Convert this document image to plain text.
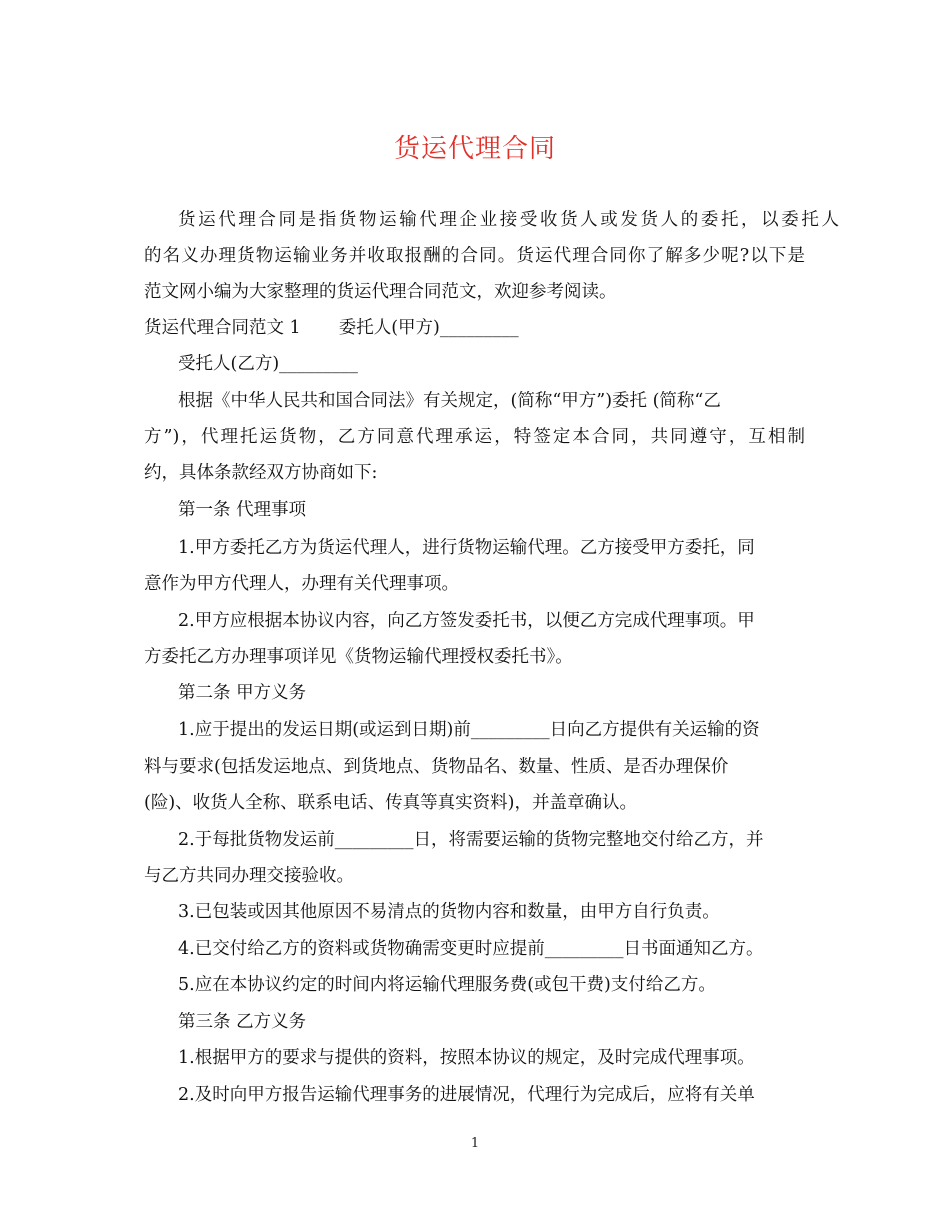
货运代理合同
货运代理合同是指货物运输代理企业接受收货人或发货人的委托，以委托人
的名义办理货物运输业务并收取报酬的合同。货运代理合同你了解多少呢?以下是
范文网小编为大家整理的货运代理合同范文，欢迎参考阅读。
货运代理合同范文 1 委托人(甲方)_________
受托人(乙方)_________
根据《中华人民共和国合同法》有关规定，(简称“甲方”)委托 (简称“乙
方”)，代理托运货物，乙方同意代理承运，特签定本合同，共同遵守，互相制
约，具体条款经双方协商如下:
第一条 代理事项
1.甲方委托乙方为货运代理人，进行货物运输代理。乙方接受甲方委托，同
意作为甲方代理人，办理有关代理事项。
2.甲方应根据本协议内容，向乙方签发委托书，以便乙方完成代理事项。甲
方委托乙方办理事项详见《货物运输代理授权委托书》。
第二条 甲方义务
1.应于提出的发运日期(或运到日期)前_________日向乙方提供有关运输的资
料与要求(包括发运地点、到货地点、货物品名、数量、性质、是否办理保价
(险)、收货人全称、联系电话、传真等真实资料)，并盖章确认。
2.于每批货物发运前_________日，将需要运输的货物完整地交付给乙方，并
与乙方共同办理交接验收。
3.已包装或因其他原因不易清点的货物内容和数量，由甲方自行负责。
4.已交付给乙方的资料或货物确需变更时应提前_________日书面通知乙方。
5.应在本协议约定的时间内将运输代理服务费(或包干费)支付给乙方。
第三条 乙方义务
1.根据甲方的要求与提供的资料，按照本协议的规定，及时完成代理事项。
2.及时向甲方报告运输代理事务的进展情况，代理行为完成后，应将有关单
1
